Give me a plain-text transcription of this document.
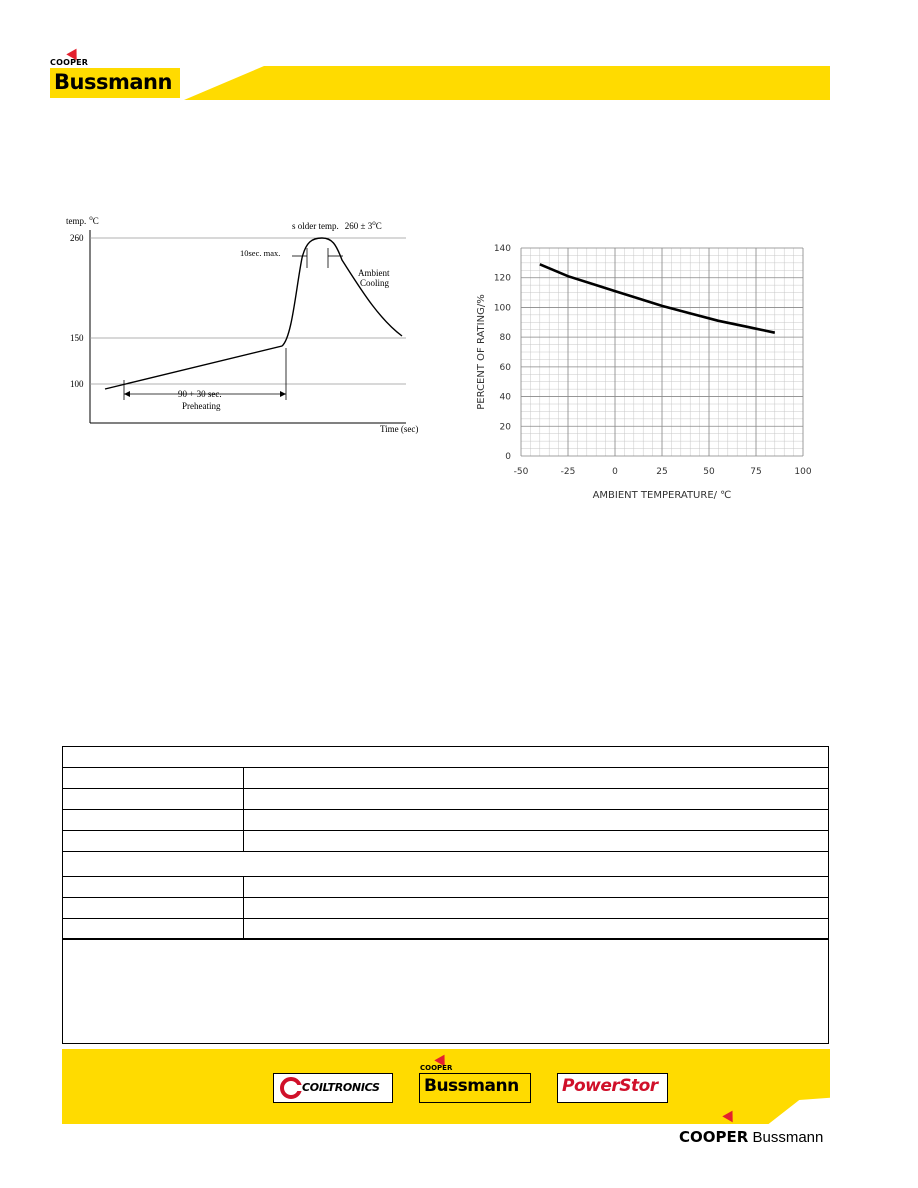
COOPER
Bussmann
temp. $^o$C
260
150
100
90 + 30 sec.
Preheating
10sec. max.
s older temp. $260 \pm 3^oC$
Ambient
Cooling
Time (sec)
-50	-25	0	25	50	75	100
0
20
40
60
80
100
120
140
AMBIENT TEMPERATURE/ ℃
PERCENT OF RATING/%

COILTRONICS
COOPER
Bussmann	PowerStor
COOPER Bussmann
